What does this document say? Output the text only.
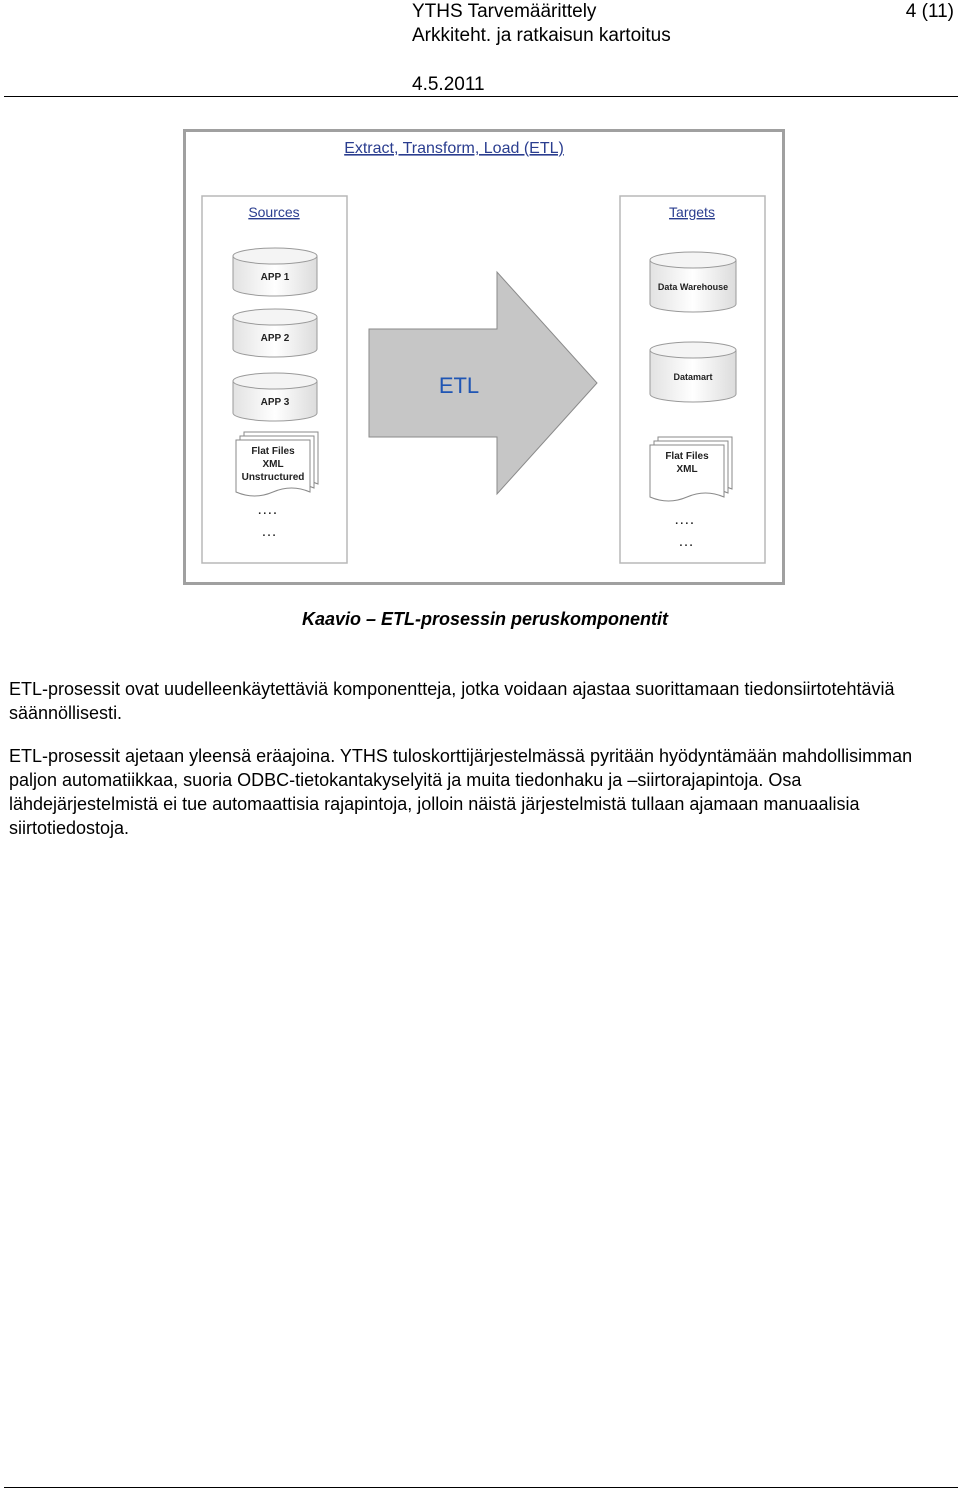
YTHS Tarvemäärittely
Arkkiteht. ja ratkaisun kartoitus
4 (11)
4.5.2011
Extract, Transform, Load (ETL)
Sources	Targets
ETL
APP 1
APP 2
APP 3
Flat Files
XML
Unstructured
….
…
Data Warehouse
Datamart
Flat Files
XML
….
…
Kaavio – ETL-prosessin peruskomponentit
ETL-prosessit ovat uudelleenkäytettäviä komponentteja, jotka voidaan ajastaa suorittamaan tiedonsiirtotehtäviä säännöllisesti.
ETL-prosessit ajetaan yleensä eräajoina. YTHS tuloskorttijärjestelmässä pyritään hyödyntämään mahdollisimman paljon automatiikkaa, suoria ODBC-tietokantakyselyitä ja muita tiedonhaku ja –siirtorajapintoja. Osa lähdejärjestelmistä ei tue automaattisia rajapintoja, jolloin näistä järjestelmistä tullaan ajamaan manuaalisia siirtotiedostoja.
